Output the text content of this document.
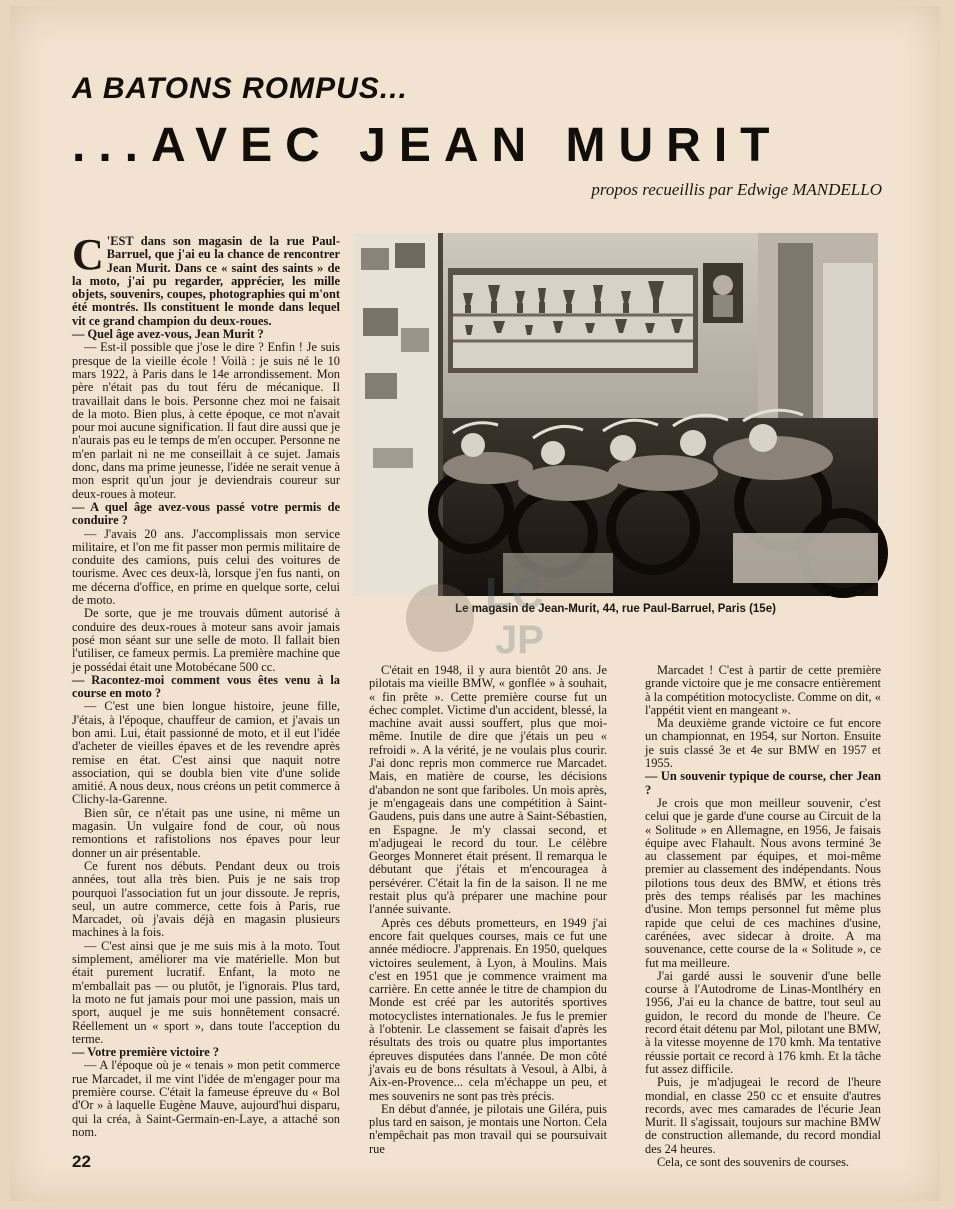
A BATONS ROMPUS...
...AVEC JEAN MURIT
propos recueillis par Edwige MANDELLO

C 'EST dans son magasin de la rue Paul-Barruel, que j'ai eu la chance de rencontrer Jean Murit. Dans ce « saint des saints » de la moto, j'ai pu regarder, apprécier, les mille objets, souvenirs, coupes, photographies qui m'ont été montrés. Ils constituent le monde dans lequel vit ce grand champion du deux-roues.

— Quel âge avez-vous, Jean Murit ?

— Est-il possible que j'ose le dire ? Enfin ! Je suis presque de la vieille école ! Voilà : je suis né le 10 mars 1922, à Paris dans le 14e arrondissement. Mon père n'était pas du tout féru de mécanique. Il travaillait dans le bois. Personne chez moi ne faisait de la moto. Bien plus, à cette époque, ce mot n'avait pour moi aucune signification. Il faut dire aussi que je n'aurais pas eu le temps de m'en occuper. Personne ne m'en parlait ni ne me conseillait à ce sujet. Jamais donc, dans ma prime jeunesse, l'idée ne serait venue à mon esprit qu'un jour je deviendrais coureur sur deux-roues à moteur.

— A quel âge avez-vous passé votre permis de conduire ?

— J'avais 20 ans. J'accomplissais mon service militaire, et l'on me fit passer mon permis militaire de conduite des camions, puis celui des voitures de tourisme. Avec ces deux-là, lorsque j'en fus nanti, on me décerna d'office, en prime en quelque sorte, celui de moto.

De sorte, que je me trouvais dûment autorisé à conduire des deux-roues à moteur sans avoir jamais posé mon séant sur une selle de moto. Il fallait bien l'utiliser, ce fameux permis. La première machine que je possédai était une Motobécane 500 cc.

— Racontez-moi comment vous êtes venu à la course en moto ?

— C'est une bien longue histoire, jeune fille, J'étais, à l'époque, chauffeur de camion, et j'avais un bon ami. Lui, était passionné de moto, et il eut l'idée d'acheter de vieilles épaves et de les revendre après remise en état. C'est ainsi que naquit notre association, qui se doubla bien vite d'une solide amitié. A nous deux, nous créons un petit commerce à Clichy-la-Garenne.

Bien sûr, ce n'était pas une usine, ni même un magasin. Un vulgaire fond de cour, où nous remontions et rafistolions nos épaves pour leur donner un air présentable.

Ce furent nos débuts. Pendant deux ou trois années, tout alla très bien. Puis je ne sais trop pourquoi l'association fut un jour dissoute. Je repris, seul, un autre commerce, cette fois à Paris, rue Marcadet, où j'avais déjà en magasin plusieurs machines à la fois.

— C'est ainsi que je me suis mis à la moto. Tout simplement, améliorer ma vie matérielle. Mon but était purement lucratif. Enfant, la moto ne m'emballait pas — ou plutôt, je l'ignorais. Plus tard, la moto ne fut jamais pour moi une passion, mais un sport, auquel je me suis honnêtement consacré. Réellement un « sport », dans toute l'acception du terme.

— Votre première victoire ?

— A l'époque où je « tenais » mon petit commerce rue Marcadet, il me vint l'idée de m'engager pour ma première course. C'était la fameuse épreuve du « Bol d'Or » à laquelle Eugène Mauve, aujourd'hui disparu, qui la créa, à Saint-Germain-en-Laye, a attaché son nom.

Le magasin de Jean-Murit, 44, rue Paul-Barruel, Paris (15e)
LC
JP

C'était en 1948, il y aura bientôt 20 ans. Je pilotais ma vieille BMW, « gonflée » à souhait, « fin prête ». Cette première course fut un échec complet. Victime d'un accident, blessé, la machine avait aussi souffert, plus que moi-même. Inutile de dire que j'étais un peu « refroidi ». A la vérité, je ne voulais plus courir. J'ai donc repris mon commerce rue Marcadet. Mais, en matière de course, les décisions d'abandon ne sont que fariboles. Un mois après, je m'engageais dans une compétition à Saint-Gaudens, puis dans une autre à Saint-Sébastien, en Espagne. Je m'y classai second, et m'adjugeai le record du tour. Le célèbre Georges Monneret était présent. Il remarqua le débutant que j'étais et m'encouragea à persévérer. C'était la fin de la saison. Il ne me restait plus qu'à préparer une machine pour l'année suivante.

Après ces débuts prometteurs, en 1949 j'ai encore fait quelques courses, mais ce fut une année médiocre. J'apprenais. En 1950, quelques victoires seulement, à Lyon, à Moulins. Mais c'est en 1951 que je commence vraiment ma carrière. En cette année le titre de champion du Monde est créé par les autorités sportives motocyclistes internationales. Je fus le premier à l'obtenir. Le classement se faisait d'après les résultats des trois ou quatre plus importantes épreuves disputées dans l'année. De mon côté j'avais eu de bons résultats à Vesoul, à Albi, à Aix-en-Provence... cela m'échappe un peu, et mes souvenirs ne sont pas très précis.

En début d'année, je pilotais une Giléra, puis plus tard en saison, je montais une Norton. Cela n'empêchait pas mon travail qui se poursuivait rue

Marcadet ! C'est à partir de cette première grande victoire que je me consacre entièrement à la compétition motocycliste. Comme on dit, « l'appétit vient en mangeant ».

Ma deuxième grande victoire ce fut encore un championnat, en 1954, sur Norton. Ensuite je suis classé 3e et 4e sur BMW en 1957 et 1955.

— Un souvenir typique de course, cher Jean ?

Je crois que mon meilleur souvenir, c'est celui que je garde d'une course au Circuit de la « Solitude » en Allemagne, en 1956, Je faisais équipe avec Flahault. Nous avons terminé 3e au classement par équipes, et moi-même premier au classement des indépendants. Nous pilotions tous deux des BMW, et étions très près des temps réalisés par les machines d'usine. Mon temps personnel fut même plus rapide que celui de ces machines d'usine, carénées, avec sidecar à droite. A ma souvenance, cette course de la « Solitude », ce fut ma meilleure.

J'ai gardé aussi le souvenir d'une belle course à l'Autodrome de Linas-Montlhéry en 1956, J'ai eu la chance de battre, tout seul au guidon, le record du monde de l'heure. Ce record était détenu par Mol, pilotant une BMW, à la vitesse moyenne de 170 kmh. Ma tentative réussie portait ce record à 176 kmh. Et la tâche fut assez difficile.

Puis, je m'adjugeai le record de l'heure mondial, en classe 250 cc et ensuite d'autres records, avec mes camarades de l'écurie Jean Murit. Il s'agissait, toujours sur machine BMW de construction allemande, du record mondial des 24 heures.

Cela, ce sont des souvenirs de courses.

22
